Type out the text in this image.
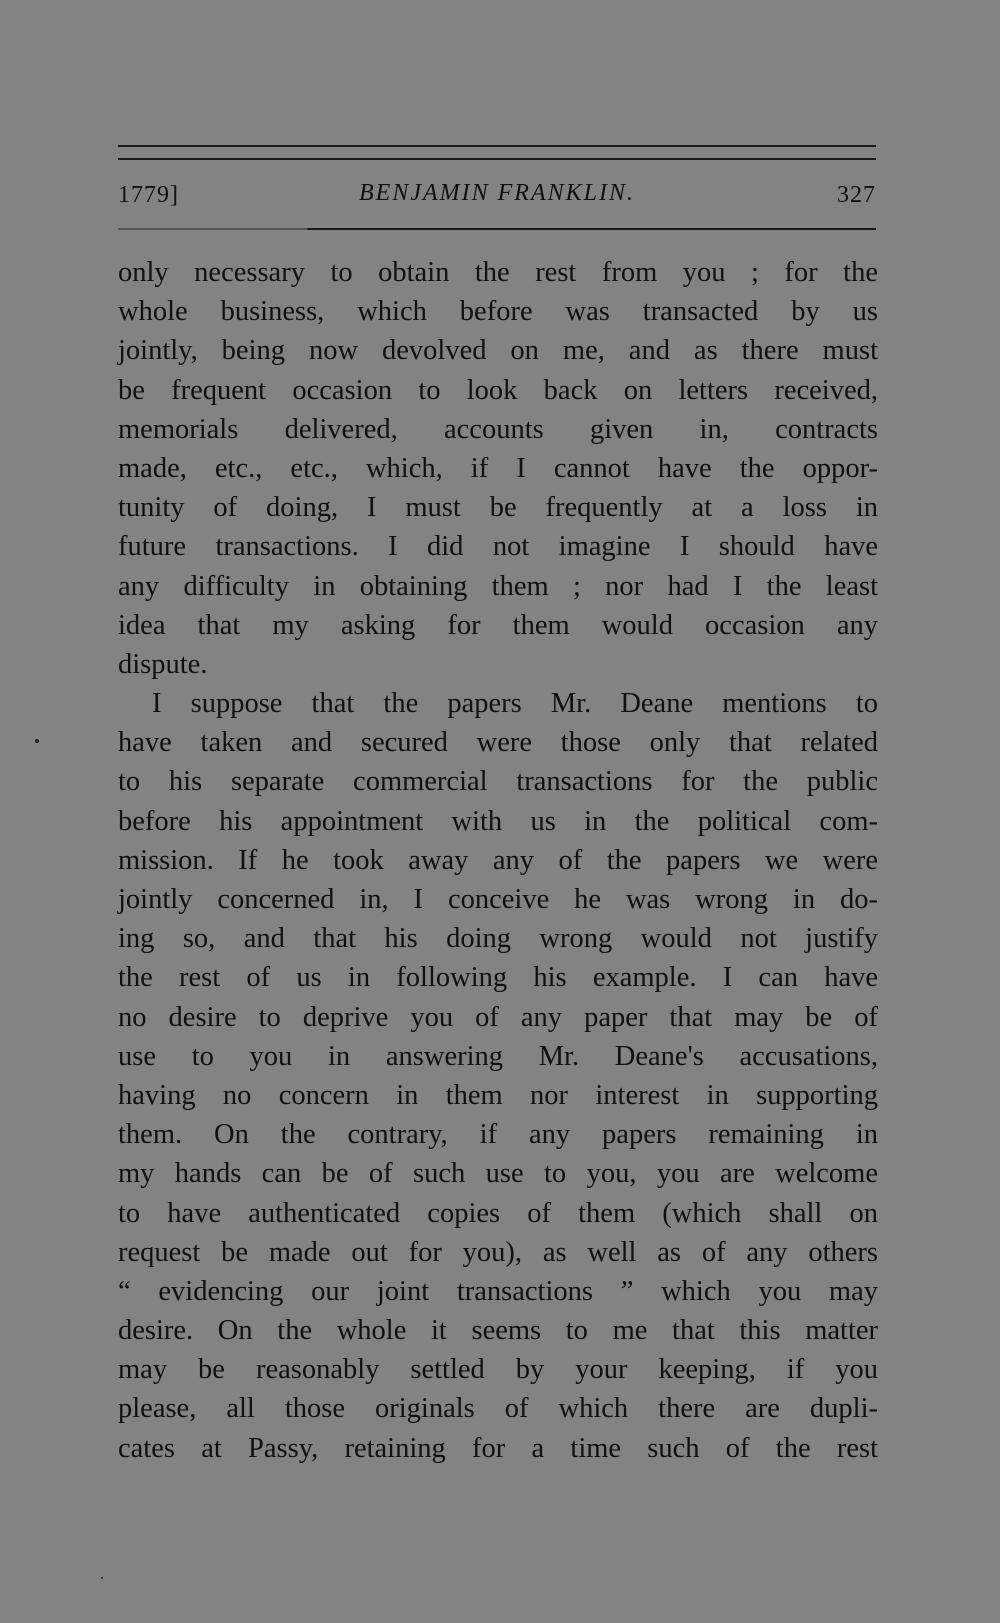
1779]	BENJAMIN FRANKLIN.	327
only necessary to obtain the rest from you ; for the
whole business, which before was transacted by us
jointly, being now devolved on me, and as there must
be frequent occasion to look back on letters received,
memorials delivered, accounts given in, contracts
made, etc., etc., which, if I cannot have the oppor-
tunity of doing, I must be frequently at a loss in
future transactions. I did not imagine I should have
any difficulty in obtaining them ; nor had I the least
idea that my asking for them would occasion any
dispute.
I suppose that the papers Mr. Deane mentions to
have taken and secured were those only that related
to his separate commercial transactions for the public
before his appointment with us in the political com-
mission. If he took away any of the papers we were
jointly concerned in, I conceive he was wrong in do-
ing so, and that his doing wrong would not justify
the rest of us in following his example. I can have
no desire to deprive you of any paper that may be of
use to you in answering Mr. Deane's accusations,
having no concern in them nor interest in supporting
them. On the contrary, if any papers remaining in
my hands can be of such use to you, you are welcome
to have authenticated copies of them (which shall on
request be made out for you), as well as of any others
“ evidencing our joint transactions ” which you may
desire. On the whole it seems to me that this matter
may be reasonably settled by your keeping, if you
please, all those originals of which there are dupli-
cates at Passy, retaining for a time such of the rest
